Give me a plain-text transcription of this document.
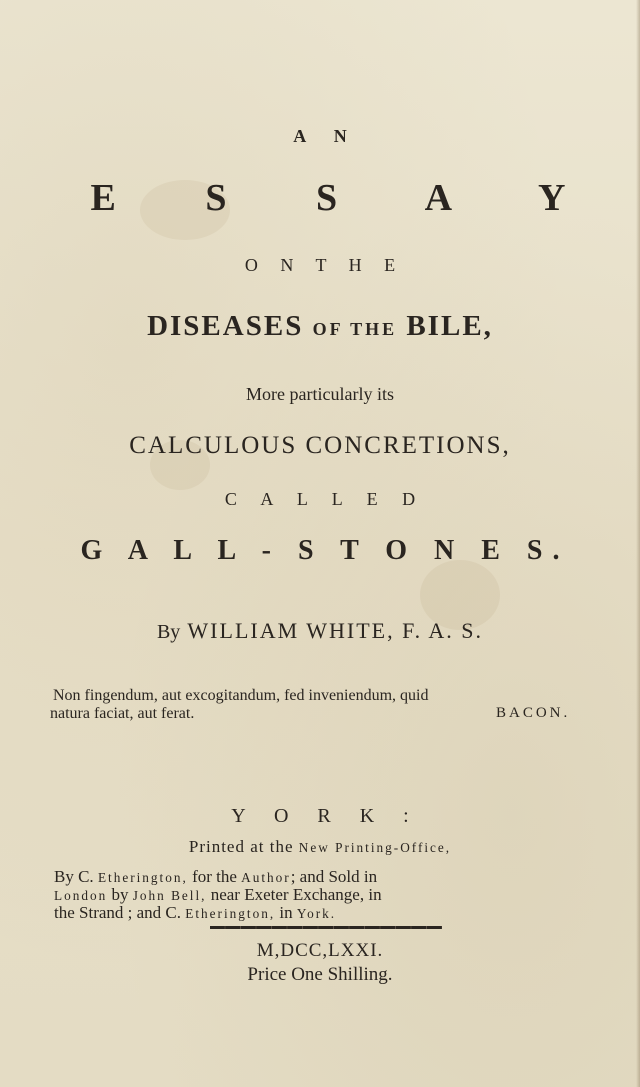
A N

E S S A Y

O N T H E

DISEASES OF THE BILE,

More particularly its

CALCULOUS CONCRETIONS,

C A L L E D

G A L L - S T O N E S.

By WILLIAM WHITE, F. A. S.

Non fingendum, aut excogitandum, fed inveniendum, quid

natura faciat, aut ferat.	BACON.

Y O R K :

Printed at the New Printing-Office,

By C. Etherington, for the Author; and Sold in

London by John Bell, near Exeter Exchange, in

the Strand ; and C. Etherington, in York.

M,DCC,LXXI.

Price One Shilling.
